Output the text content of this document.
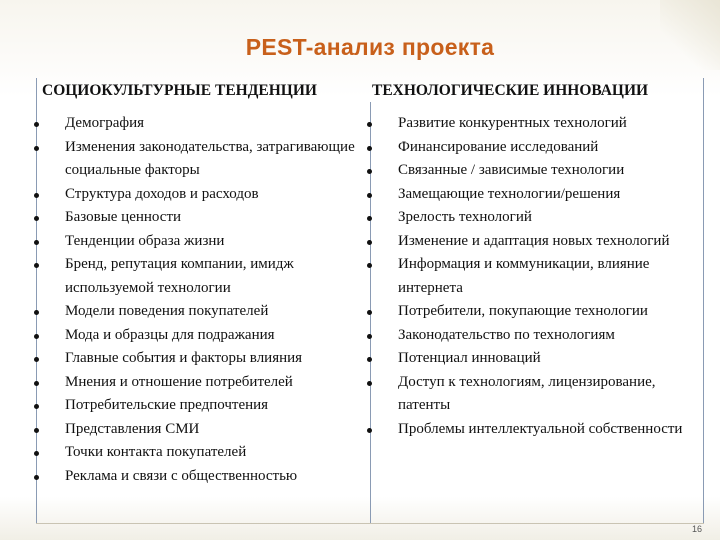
PEST-анализ проекта
СОЦИОКУЛЬТУРНЫЕ ТЕНДЕНЦИИ	ТЕХНОЛОГИЧЕСКИЕ ИННОВАЦИИ
Демография
Изменения законодательства, затрагивающие социальные факторы
Структура доходов и расходов
Базовые ценности
Тенденции образа жизни
Бренд, репутация компании, имидж используемой технологии
Модели поведения покупателей
Мода и образцы для подражания
Главные события и факторы влияния
Мнения и отношение потребителей
Потребительские предпочтения
Представления СМИ
Точки контакта покупателей
Реклама и связи с общественностью
Развитие конкурентных технологий
Финансирование исследований
Связанные / зависимые технологии
Замещающие технологии/решения
Зрелость технологий
Изменение и адаптация новых технологий
Информация и коммуникации, влияние интернета
Потребители, покупающие технологии
Законодательство по технологиям
Потенциал инноваций
Доступ к технологиям, лицензирование, патенты
Проблемы интеллектуальной собственности
16
